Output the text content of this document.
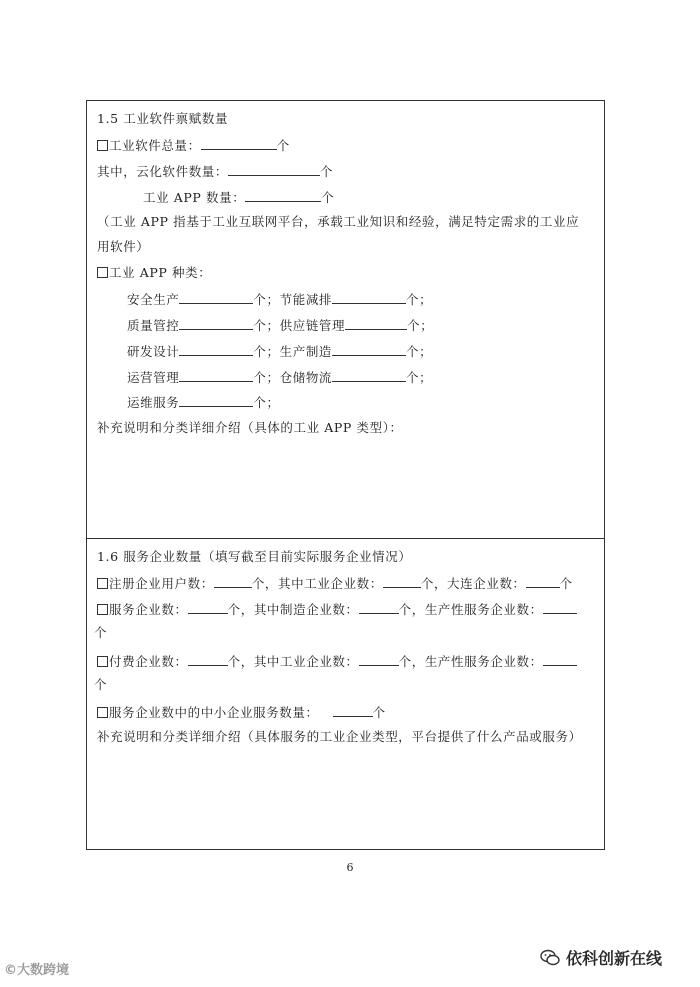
1.5 工业软件禀赋数量
工业软件总量：	个
其中，云化软件数量：	个
工业 APP 数量：	个
（工业 APP 指基于工业互联网平台，承载工业知识和经验，满足特定需求的工业应
用软件）
工业 APP 种类：
安全生产	个；节能减排	个；
质量管控	个；供应链管理	个；
研发设计	个；生产制造	个；
运营管理	个；仓储物流	个；
运维服务	个；
补充说明和分类详细介绍（具体的工业 APP 类型）：
1.6 服务企业数量（填写截至目前实际服务企业情况）
注册企业用户数：	个，其中工业企业数：	个，大连企业数：	个
服务企业数：	个，其中制造企业数：	个，生产性服务企业数：
个
付费企业数：	个，其中工业企业数：	个，生产性服务企业数：
个
服务企业数中的中小企业服务数量：	个
补充说明和分类详细介绍（具体服务的工业企业类型，平台提供了什么产品或服务）
6
©大数跨境
依科创新在线
